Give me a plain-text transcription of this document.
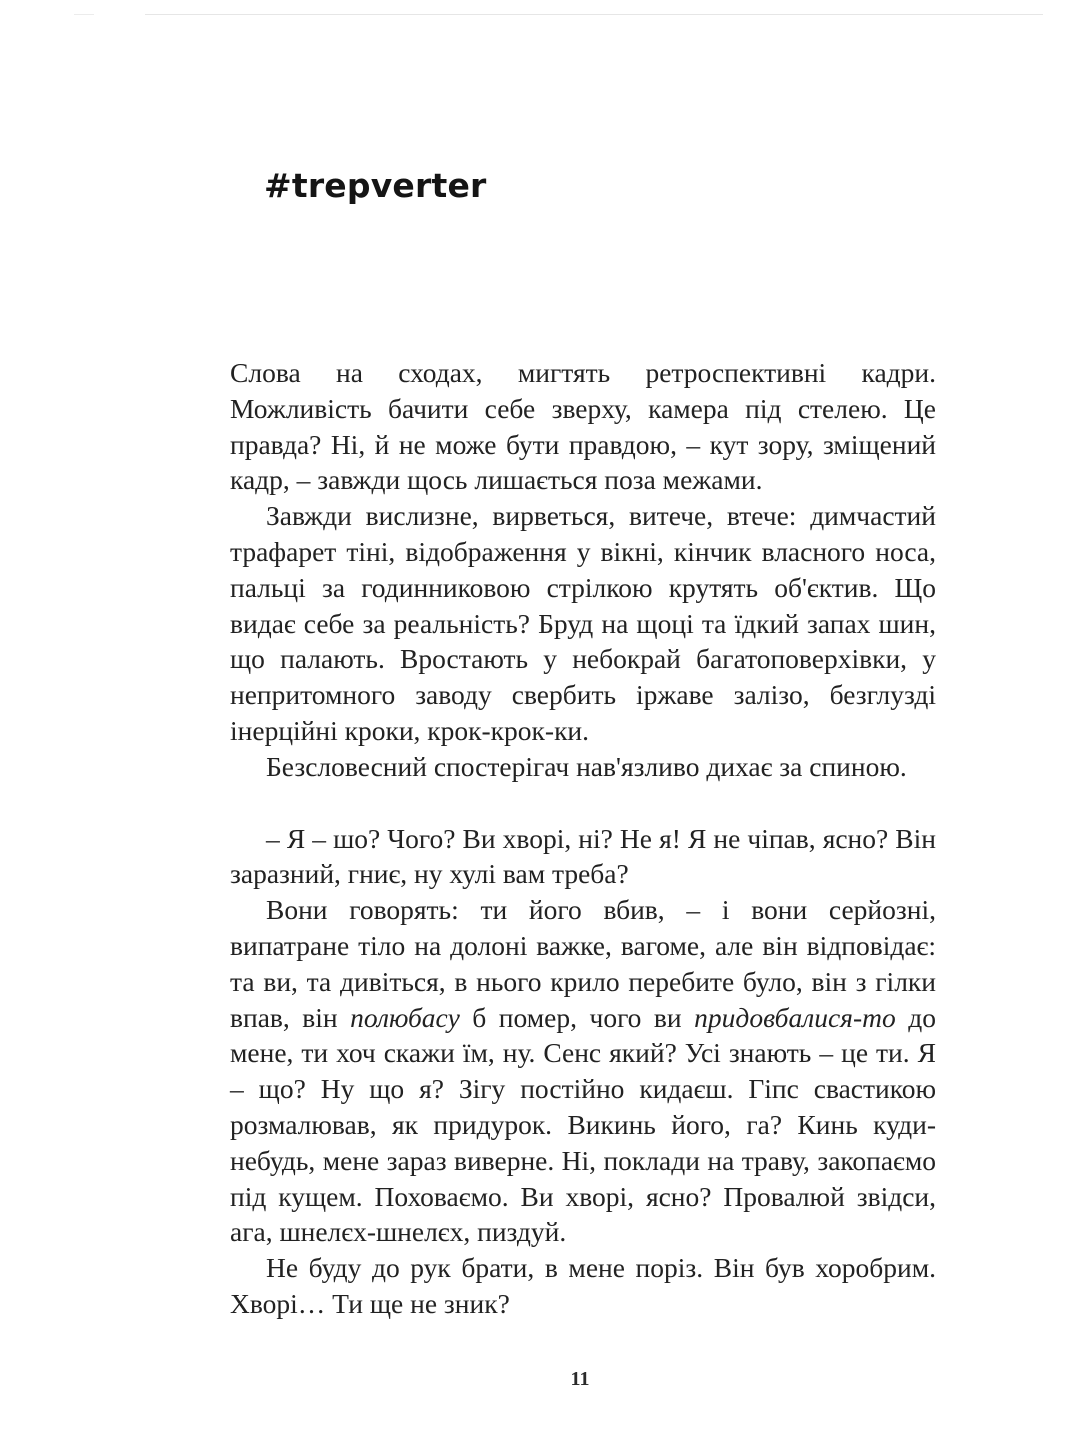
#trepverter

Слова на сходах, мигтять ретроспективні кадри. Можливість бачити себе зверху, камера під стелею. Це правда? Ні, й не може бути правдою, – кут зору, зміщений кадр, – завжди щось лишається поза межами.

Завжди вислизне, вирветься, витече, втече: димчастий трафарет тіні, відображення у вікні, кінчик власного носа, пальці за годинниковою стрілкою крутять об'єктив. Що видає себе за реальність? Бруд на щоці та їдкий запах шин, що палають. Вростають у небокрай багатоповерхівки, у непритомного заводу свербить іржаве залізо, безглузді інерційні кроки, крок-крок-ки.

Безсловесний спостерігач нав'язливо дихає за спиною.

– Я – шо? Чого? Ви хворі, ні? Не я! Я не чіпав, ясно? Він заразний, гниє, ну хулі вам треба?

Вони говорять: ти його вбив, – і вони серйозні, випатране тіло на долоні важке, вагоме, але він відповідає: та ви, та дивіться, в нього крило перебите було, він з гілки впав, він полюбасу б помер, чого ви придовбалися-то до мене, ти хоч скажи їм, ну. Сенс який? Усі знають – це ти. Я – що? Ну що я? Зігу постійно кидаєш. Гіпс свастикою розмалював, як придурок. Викинь його, га? Кинь куди-небудь, мене зараз виверне. Ні, поклади на траву, закопаємо під кущем. Поховаємо. Ви хворі, ясно? Провалюй звідси, ага, шнелєх-шнелєх, пиздуй.

Не буду до рук брати, в мене поріз. Він був хоробрим. Хворі… Ти ще не зник?

11
